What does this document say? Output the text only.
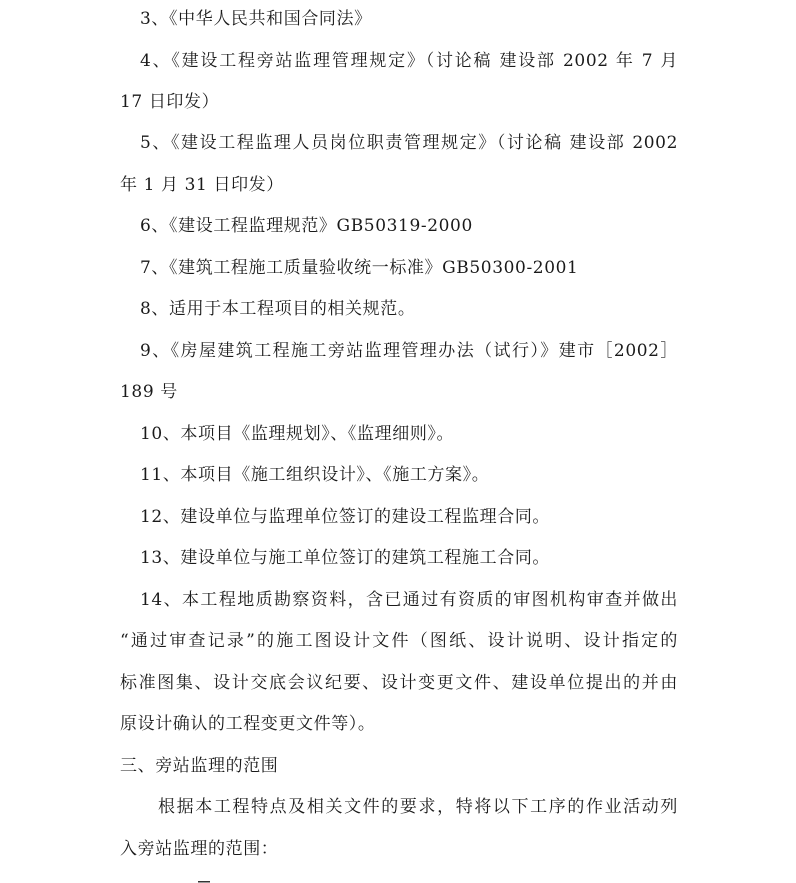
3、《中华人民共和国合同法》
4、《建设工程旁站监理管理规定》（讨论稿 建设部 2002 年 7 月
17 日印发）
5、《建设工程监理人员岗位职责管理规定》（讨论稿 建设部 2002
年 1 月 31 日印发）
6、《建设工程监理规范》GB50319-2000
7、《建筑工程施工质量验收统一标准》GB50300-2001
8、适用于本工程项目的相关规范。
9、《房屋建筑工程施工旁站监理管理办法（试行）》建市［2002］
189 号
10、本项目《监理规划》、《监理细则》。
11、本项目《施工组织设计》、《施工方案》。
12、建设单位与监理单位签订的建设工程监理合同。
13、建设单位与施工单位签订的建筑工程施工合同。
14、本工程地质勘察资料，含已通过有资质的审图机构审查并做出
“通过审查记录”的施工图设计文件（图纸、设计说明、设计指定的
标准图集、设计交底会议纪要、设计变更文件、建设单位提出的并由
原设计确认的工程变更文件等）。
三、旁站监理的范围
根据本工程特点及相关文件的要求，特将以下工序的作业活动列
入旁站监理的范围：
